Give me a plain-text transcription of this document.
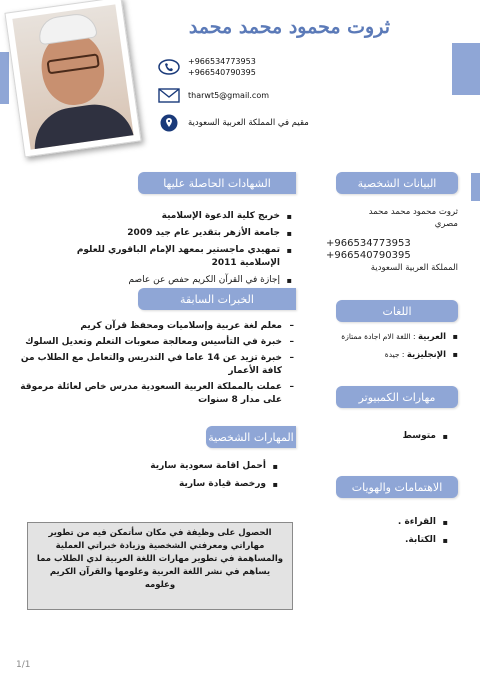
ثروت محمود محمد محمد
+966534773953
+966540790395
tharwt5@gmail.com
مقيم في المملكة العربية السعودية
الشهادات الحاصلة عليها
▪ خريج كلية الدعوة الإسلامية
▪ جامعة الأزهر بتقدير عام جيد 2009
▪ تمهيدي ماجستير بمعهد الإمام الباقوري للعلوم الإسلامية 2011
▪ إجازة في القرآن الكريم حفص عن عاصم
الخبرات السابقة
– معلم لغة عربية وإسلاميات ومحفظ قرآن كريم
– خبرة في التأسيس ومعالجة صعوبات التعلم وتعديل السلوك
– خبرة تزيد عن 14 عاما في التدريس والتعامل مع الطلاب من كافة الأعمار
– عملت بالمملكة العربية السعودية مدرس خاص لعائلة مرموقة على مدار 8 سنوات
المهارات الشخصية
▪ أحمل اقامة سعودية سارية
▪ ورخصة قيادة سارية
الحصول على وظيفة في مكان سأتمكن فيه من تطوير مهاراتي ومعرفتي الشخصية وزيادة خبراتي العملية والمساهمة في تطوير مهارات اللغة العربية لدي الطلاب مما يساهم في نشر اللغة العربية وعلومها والقرآن الكريم وعلومه
البيانات الشخصية
ثروت محمود محمد محمد
مصري
+966534773953
+966540790395
المملكة العربية السعودية
اللغات
▪ العربية : اللغة الام اجادة ممتازة
▪ الإنجليزية : جيدة
مهارات الكمبيوتر
▪ متوسط
الاهتمامات والهويات
▪ القراءة .
▪ الكتابة.
1/1
